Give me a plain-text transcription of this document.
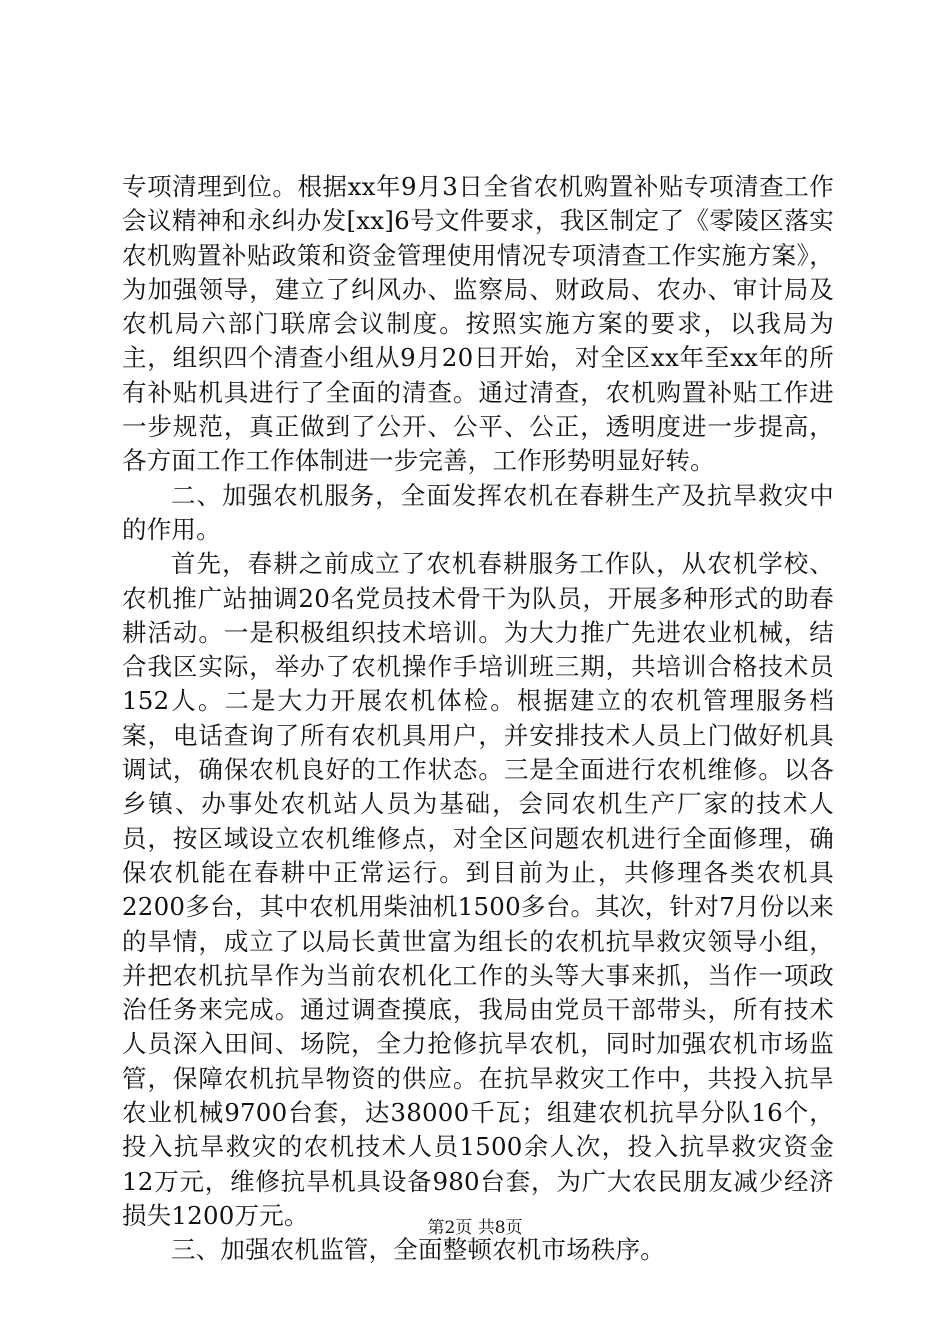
专项清理到位。根据xx年9月3日全省农机购置补贴专项清查工作会议精神和永纠办发[xx]6号文件要求，我区制定了《零陵区落实农机购置补贴政策和资金管理使用情况专项清查工作实施方案》，为加强领导，建立了纠风办、监察局、财政局、农办、审计局及农机局六部门联席会议制度。按照实施方案的要求，以我局为主，组织四个清查小组从9月20日开始，对全区xx年至xx年的所有补贴机具进行了全面的清查。通过清查，农机购置补贴工作进一步规范，真正做到了公开、公平、公正，透明度进一步提高，各方面工作工作体制进一步完善，工作形势明显好转。

二、加强农机服务，全面发挥农机在春耕生产及抗旱救灾中的作用。

首先，春耕之前成立了农机春耕服务工作队，从农机学校、农机推广站抽调20名党员技术骨干为队员，开展多种形式的助春耕活动。一是积极组织技术培训。为大力推广先进农业机械，结合我区实际，举办了农机操作手培训班三期，共培训合格技术员152人。二是大力开展农机体检。根据建立的农机管理服务档案，电话查询了所有农机具用户，并安排技术人员上门做好机具调试，确保农机良好的工作状态。三是全面进行农机维修。以各乡镇、办事处农机站人员为基础，会同农机生产厂家的技术人员，按区域设立农机维修点，对全区问题农机进行全面修理，确保农机能在春耕中正常运行。到目前为止，共修理各类农机具2200多台，其中农机用柴油机1500多台。其次，针对7月份以来的旱情，成立了以局长黄世富为组长的农机抗旱救灾领导小组，并把农机抗旱作为当前农机化工作的头等大事来抓，当作一项政治任务来完成。通过调查摸底，我局由党员干部带头，所有技术人员深入田间、场院，全力抢修抗旱农机，同时加强农机市场监管，保障农机抗旱物资的供应。在抗旱救灾工作中，共投入抗旱农业机械9700台套，达38000千瓦；组建农机抗旱分队16个，投入抗旱救灾的农机技术人员1500余人次，投入抗旱救灾资金12万元，维修抗旱机具设备980台套，为广大农民朋友减少经济损失1200万元。

三、加强农机监管，全面整顿农机市场秩序。

第2页 共8页
